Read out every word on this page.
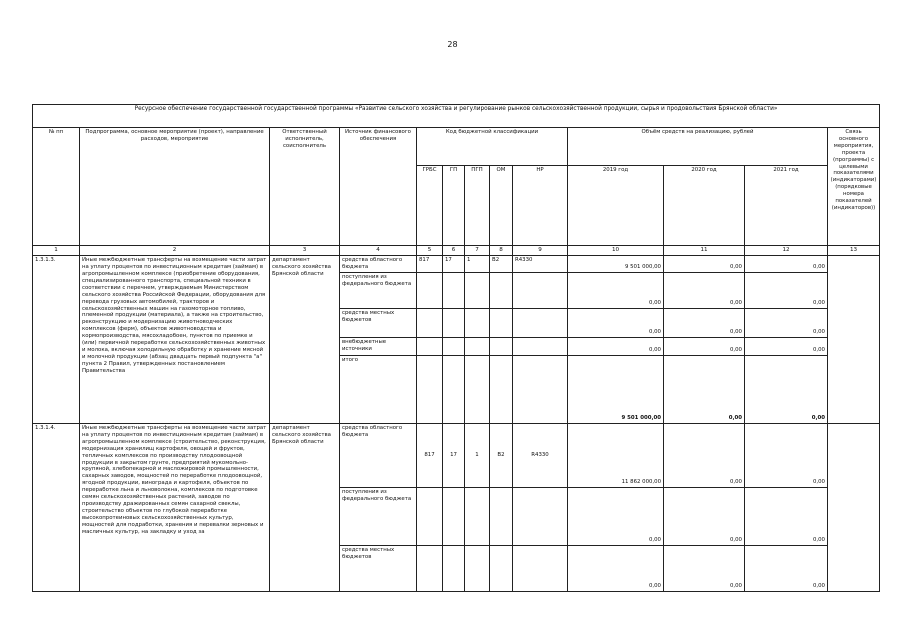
28
Ресурсное обеспечение государственной государственной программы «Развитие сельского хозяйства и регулирование рынков сельскохозяйственной продукции, сырья и продовольствия Брянской области»												
№ пп	Подпрограмма, основное мероприятие (проект), направление расходов, мероприятие	Ответственный исполнитель, соисполнитель	Источник финансового обеспечения	Код бюджетной классификации					Объём средств на реализацию, рублей			Связь основного мероприятия, проекта (программы) с целевыми показателями (индикаторами) (порядковые номера показателей (индикаторов))
				ГРБС	ГП	ПГП	ОМ	НР	2019 год	2020 год	2021 год	
1	2	3	4	5	6	7	8	9	10	11	12	13
1.3.1.3.	Иные межбюджетные трансферты на возмещение части затрат на уплату процентов по инвестиционным кредитам (займам) в агропромышленном комплексе (приобретение оборудования, специализированного транспорта, специальной техники в соответствии с перечнем, утверждаемым Министерством сельского хозяйства Российской Федерации, оборудования для перевода грузовых автомобилей, тракторов и сельскохозяйственных машин на газомоторное топливо, племенной продукции (материала), а также на строительство, реконструкцию и модернизацию животноводческих комплексов (ферм), объектов животноводства и кормопроизводства, мясохладобоен, пунктов по приемке и (или) первичной переработке сельскохозяйственных животных и молока, включая холодильную обработку и хранение мясной и молочной продукции (абзац двадцать первый подпункта "а" пункта 2 Правил, утвержденных постановлением Правительства	департамент сельского хозяйства Брянской области	средства областного бюджета	817	17	1	В2	R4330	9 501 000,00	0,00	0,00	
			поступления из федерального бюджета						0,00	0,00	0,00	
			средства местных бюджетов						0,00	0,00	0,00	
			внебюджетные источники						0,00	0,00	0,00	
			итого						9 501 000,00	0,00	0,00	
1.3.1.4.	Иные межбюджетные трансферты на возмещение части затрат на уплату процентов по инвестиционным кредитам (займам) в агропромышленном комплексе (строительство, реконструкция, модернизация хранилищ картофеля, овощей и фруктов, тепличных комплексов по производству плодоовощной продукции в закрытом грунте, предприятий мукомольно-крупяной, хлебопекарной и масложировой промышленности, сахарных заводов, мощностей по переработке плодоовощной, ягодной продукции, винограда и картофеля, объектов по переработке льна и льноволокна, комплексов по подготовке семян сельскохозяйственных растений, заводов по производству дражированных семян сахарной свеклы, строительство объектов по глубокой переработке высокопротеиновых сельскохозяйственных культур, мощностей для подработки, хранения и перевалки зерновых и масличных культур, на закладку и уход за	департамент сельского хозяйства Брянской области	средства областного бюджета	817	17	1	В2	R4330	11 862 000,00	0,00	0,00	
			поступления из федерального бюджета						0,00	0,00	0,00	
			средства местных бюджетов						0,00	0,00	0,00	
